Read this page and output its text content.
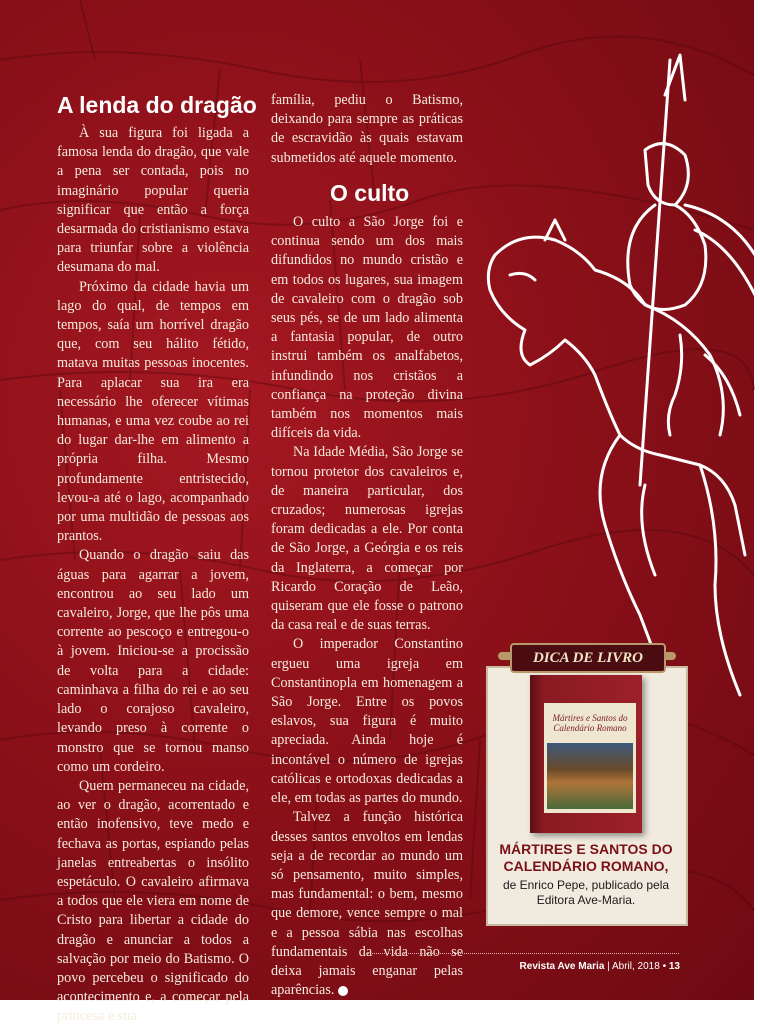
A lenda do dragão

À sua figura foi ligada a famosa lenda do dragão, que vale a pena ser contada, pois no imaginário popular queria significar que então a força desarmada do cristianismo estava para triunfar sobre a violência desumana do mal.

Próximo da cidade havia um lago do qual, de tempos em tempos, saía um horrível dragão que, com seu hálito fétido, matava muitas pessoas inocentes. Para aplacar sua ira era necessário lhe oferecer vítimas humanas, e uma vez coube ao rei do lugar dar-lhe em alimento a própria filha. Mesmo profundamente entristecido, levou-a até o lago, acompanhado por uma multidão de pessoas aos prantos.

Quando o dragão saiu das águas para agarrar a jovem, encontrou ao seu lado um cavaleiro, Jorge, que lhe pôs uma corrente ao pescoço e entregou-o à jovem. Iniciou-se a procissão de volta para a cidade: caminhava a filha do rei e ao seu lado o corajoso cavaleiro, levando preso à corrente o monstro que se tornou manso como um cordeiro.

Quem permaneceu na cidade, ao ver o dragão, acorrentado e então inofensivo, teve medo e fechava as portas, espiando pelas janelas entreabertas o insólito espetáculo. O cavaleiro afirmava a todos que ele viera em nome de Cristo para libertar a cidade do dragão e anunciar a todos a salvação por meio do Batismo. O povo percebeu o significado do acontecimento e, a começar pela princesa e sua

família, pediu o Batismo, deixando para sempre as práticas de escravidão às quais estavam submetidos até aquele momento.

O culto

O culto a São Jorge foi e continua sendo um dos mais difundidos no mundo cristão e em todos os lugares, sua imagem de cavaleiro com o dragão sob seus pés, se de um lado alimenta a fantasia popular, de outro instrui também os analfabetos, infundindo nos cristãos a confiança na proteção divina também nos momentos mais difíceis da vida.

Na Idade Média, São Jorge se tornou protetor dos cavaleiros e, de maneira particular, dos cruzados; numerosas igrejas foram dedicadas a ele. Por conta de São Jorge, a Geórgia e os reis da Inglaterra, a começar por Ricardo Coração de Leão, quiseram que ele fosse o patrono da casa real e de suas terras.

O imperador Constantino ergueu uma igreja em Constantinopla em homenagem a São Jorge. Entre os povos eslavos, sua figura é muito apreciada. Ainda hoje é incontável o número de igrejas católicas e ortodoxas dedicadas a ele, em todas as partes do mundo.

Talvez a função histórica desses santos envoltos em lendas seja a de recordar ao mundo um só pensamento, muito simples, mas fundamental: o bem, mesmo que demore, vence sempre o mal e a pessoa sábia nas escolhas fundamentais da vida não se deixa jamais enganar pelas aparências.

DICA DE LIVRO
Mártires e Santos do Calendário Romano
MÁRTIRES E SANTOS DO CALENDÁRIO ROMANO,
de Enrico Pepe, publicado pela Editora Ave-Maria.
Revista Ave Maria | Abril, 2018 • 13
